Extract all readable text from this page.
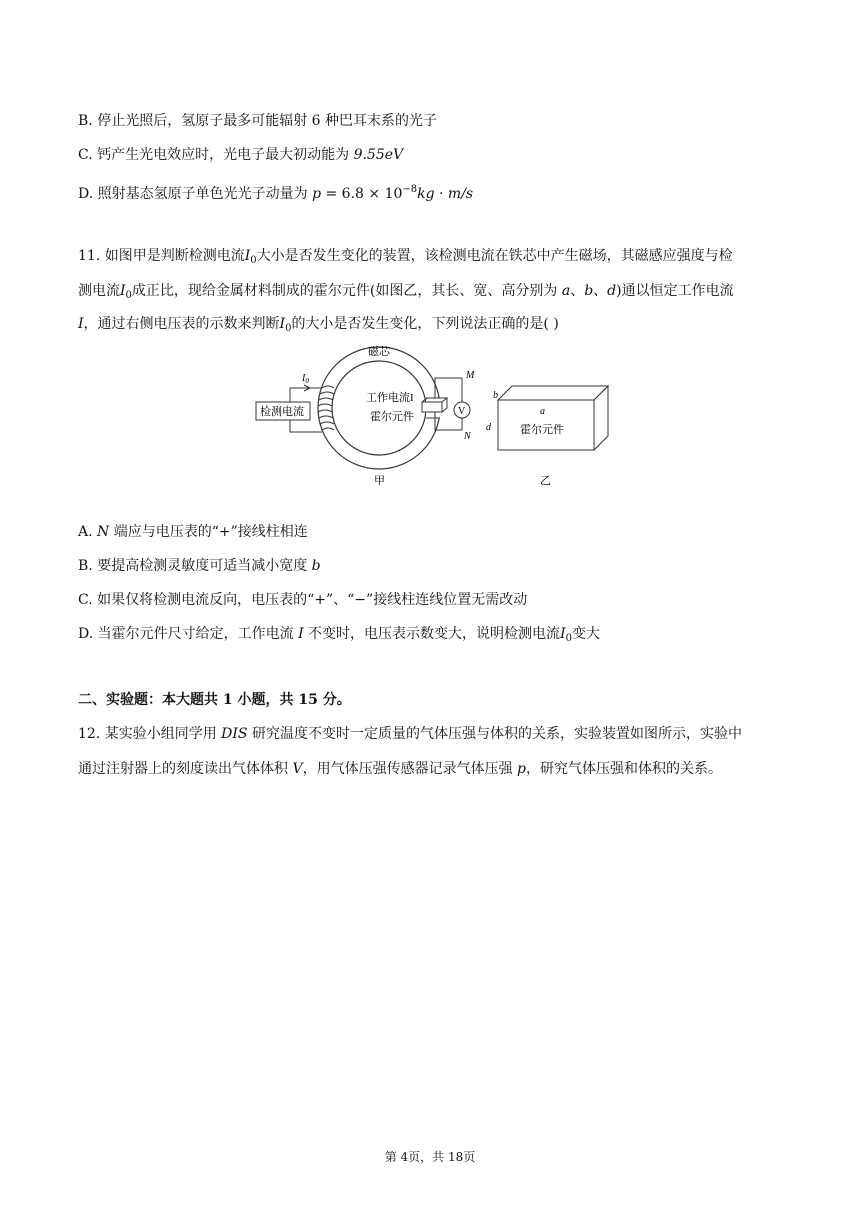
B. 停止光照后，氢原子最多可能辐射 6 种巴耳末系的光子
C. 钙产生光电效应时，光电子最大初动能为 9.55eV
D. 照射基态氢原子单色光光子动量为 $p = 6.8 \times 10^{-8}kg \cdot m/s$
11. 如图甲是判断检测电流$I_0$大小是否发生变化的装置，该检测电流在铁芯中产生磁场，其磁感应强度与检
测电流$I_0$成正比，现给金属材料制成的霍尔元件(如图乙，其长、宽、高分别为 a、b、d)通以恒定工作电流
I，通过右侧电压表的示数来判断$I_0$的大小是否发生变化，下列说法正确的是( )
磁芯
检测电流
$I_0$
工作电流I
霍尔元件	V
M
N
甲
b
a
d	霍尔元件
乙
A. N 端应与电压表的“+”接线柱相连
B. 要提高检测灵敏度可适当减小宽度 b
C. 如果仅将检测电流反向，电压表的“+”、“−”接线柱连线位置无需改动
D. 当霍尔元件尺寸给定，工作电流 I 不变时，电压表示数变大，说明检测电流$I_0$变大
二、实验题：本大题共 1 小题，共 15 分。
12. 某实验小组同学用 DIS 研究温度不变时一定质量的气体压强与体积的关系，实验装置如图所示，实验中
通过注射器上的刻度读出气体体积 V，用气体压强传感器记录气体压强 p，研究气体压强和体积的关系。
第 4页，共 18页
